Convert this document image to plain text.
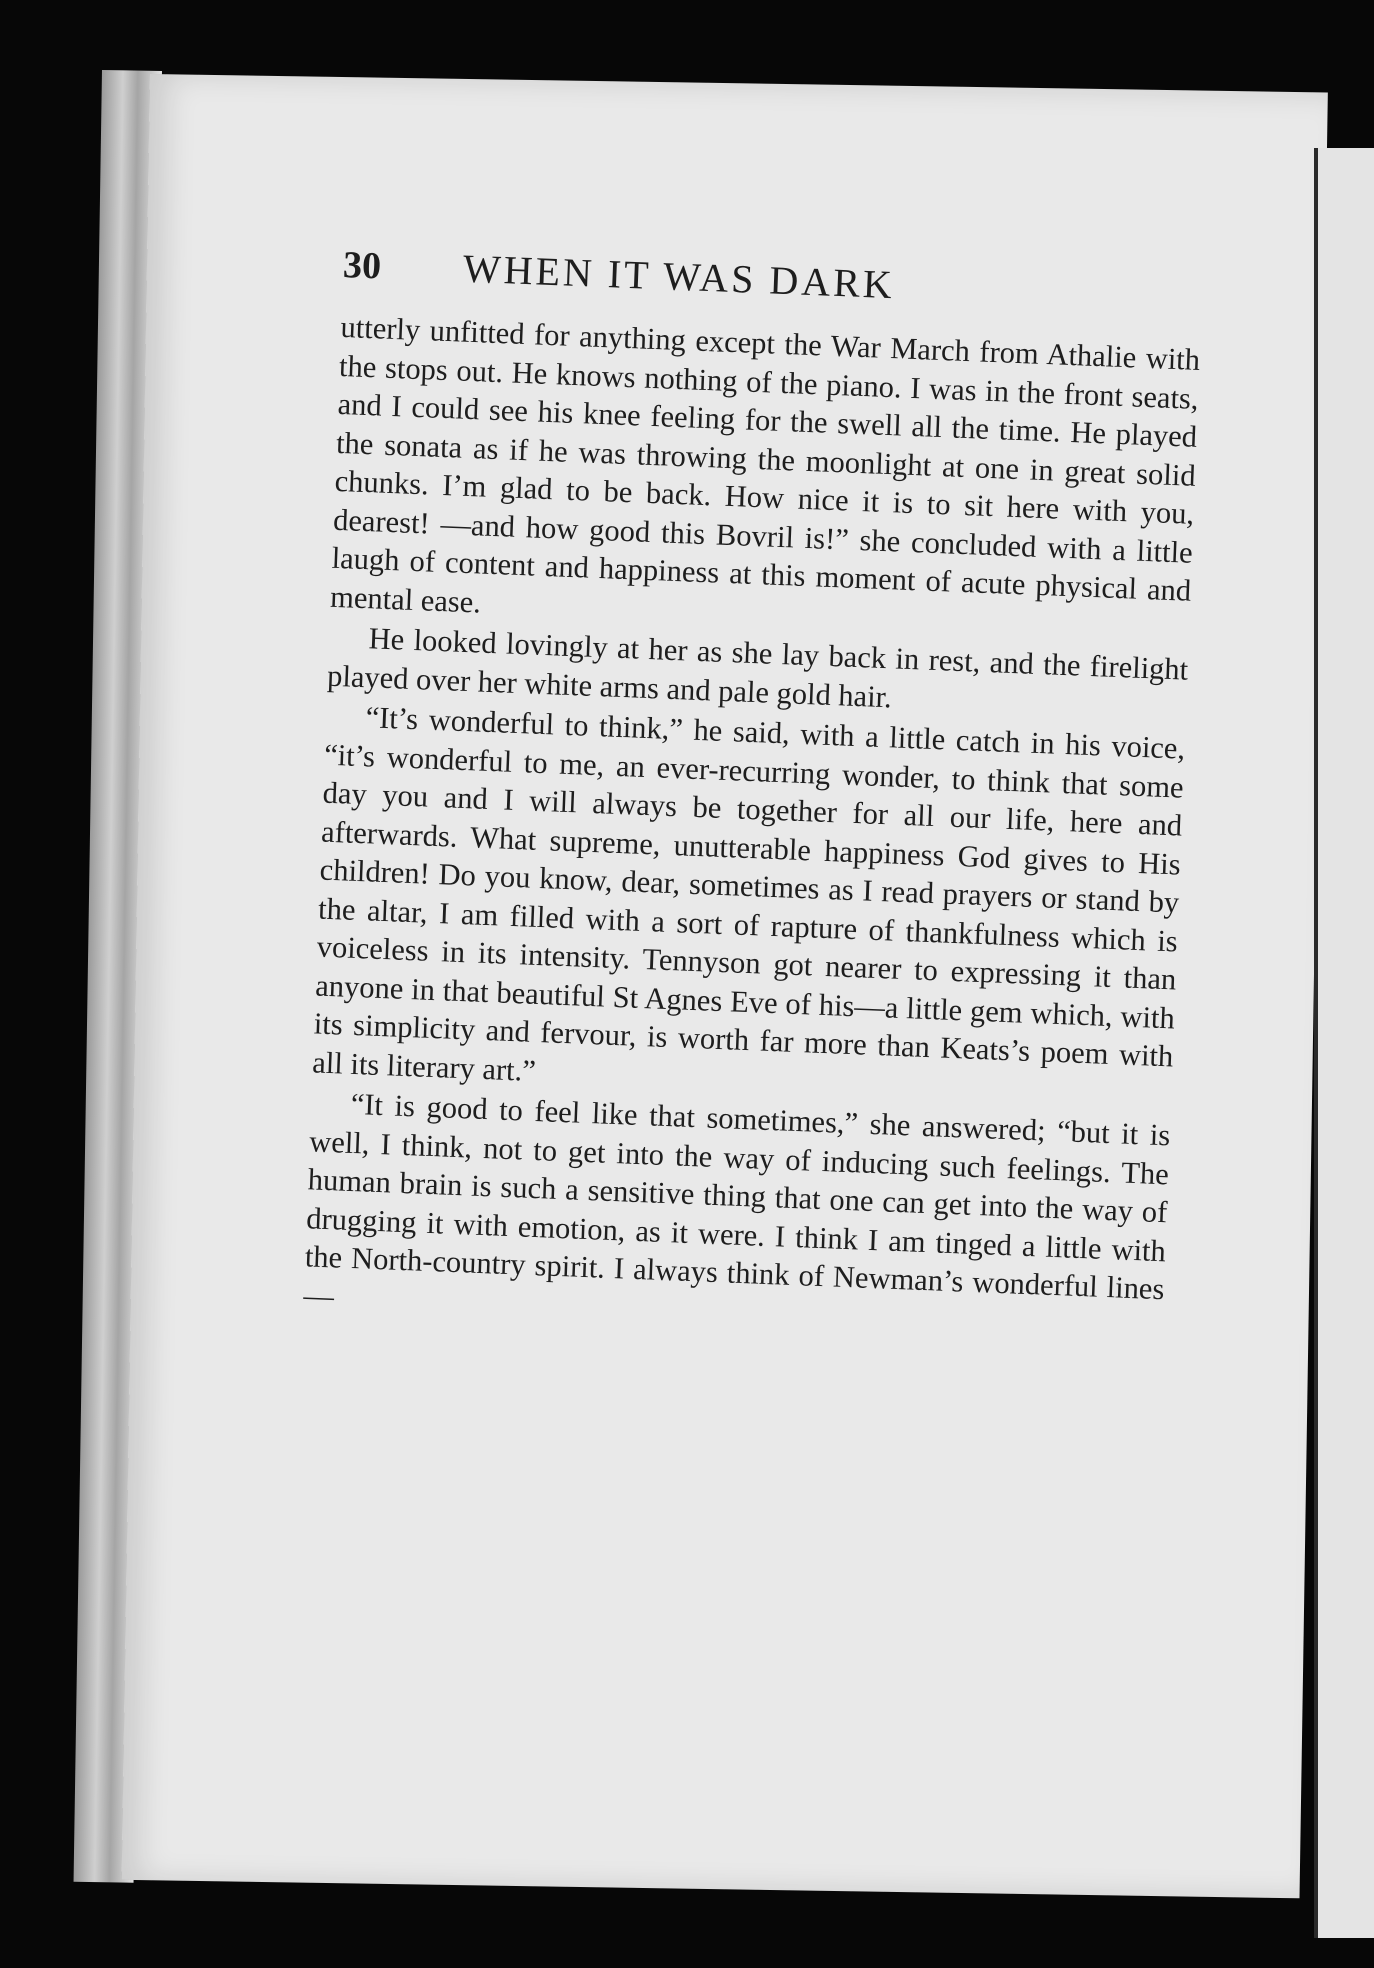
30	WHEN IT WAS DARK

utterly unfitted for anything except the War March from Athalie with the stops out. He knows nothing of the piano. I was in the front seats, and I could see his knee feeling for the swell all the time. He played the sonata as if he was throwing the moonlight at one in great solid chunks. I’m glad to be back. How nice it is to sit here with you, dearest! —and how good this Bovril is!” she concluded with a little laugh of content and happiness at this moment of acute physical and mental ease.

He looked lovingly at her as she lay back in rest, and the firelight played over her white arms and pale gold hair.

“It’s wonderful to think,” he said, with a little catch in his voice, “it’s wonderful to me, an ever-recurring wonder, to think that some day you and I will always be together for all our life, here and afterwards. What supreme, unutterable happiness God gives to His children! Do you know, dear, sometimes as I read prayers or stand by the altar, I am filled with a sort of rapture of thankfulness which is voiceless in its intensity. Tennyson got nearer to expressing it than anyone in that beautiful St Agnes Eve of his—a little gem which, with its simplicity and fervour, is worth far more than Keats’s poem with all its literary art.”

“It is good to feel like that sometimes,” she answered; “but it is well, I think, not to get into the way of inducing such feelings. The human brain is such a sensitive thing that one can get into the way of drugging it with emotion, as it were. I think I am tinged a little with the North-country spirit. I always think of Newman’s wonderful lines—
